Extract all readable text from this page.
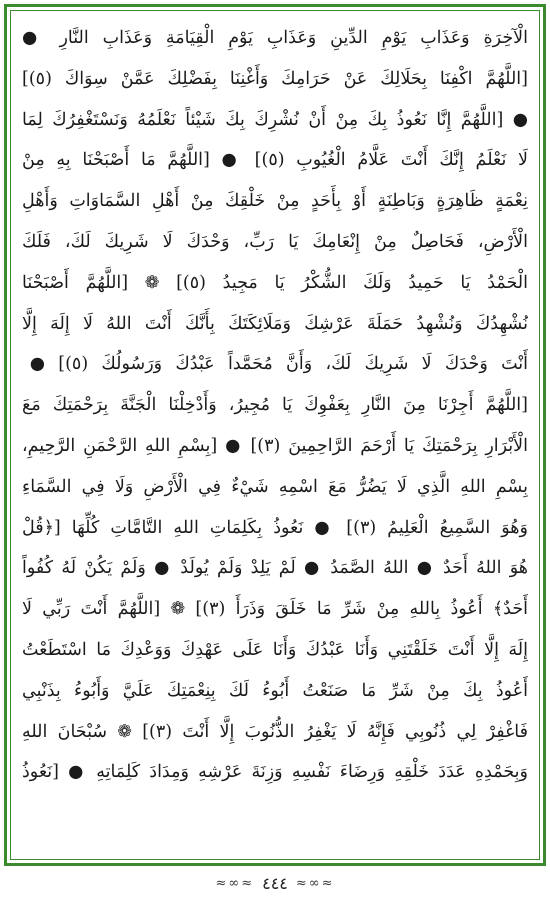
الْآخِرَةِ وَعَذَابِ يَوْمِ الدِّينِ وَعَذَابِ يَوْمِ الْقِيَامَةِ وَعَذَابِ النَّارِ ●
[اللَّهُمَّ اكْفِنَا بِحَلَالِكَ عَنْ حَرَامِكَ وَأَغْنِنَا بِفَضْلِكَ عَمَّنْ سِوَاكَ (٥)]
● [اللَّهُمَّ إِنَّا نَعُوذُ بِكَ مِنْ أَنْ نُشْرِكَ بِكَ شَيْئاً نَعْلَمُهُ وَنَسْتَغْفِرُكَ لِمَا
لَا نَعْلَمُ إِنَّكَ أَنْتَ عَلَّامُ الْغُيُوبِ (٥)] ● [اللَّهُمَّ مَا أَصْبَحْنَا بِهِ مِنْ
نِعْمَةٍ ظَاهِرَةٍ وَبَاطِنَةٍ أَوْ بِأَحَدٍ مِنْ خَلْقِكَ مِنْ أَهْلِ السَّمَاوَاتِ وَأَهْلِ
الْأَرْضِ، فَحَاصِلٌ مِنْ إِنْعَامِكَ يَا رَبِّ، وَحْدَكَ لَا شَرِيكَ لَكَ، فَلَكَ
الْحَمْدُ يَا حَمِيدُ وَلَكَ الشُّكْرُ يَا مَجِيدُ (٥)] ❁ [اللَّهُمَّ أَصْبَحْنَا
نُشْهِدُكَ وَنُشْهِدُ حَمَلَةَ عَرْشِكَ وَمَلَائِكَتَكَ بِأَنَّكَ أَنْتَ اللهُ لَا إِلَهَ إِلَّا
أَنْتَ وَحْدَكَ لَا شَرِيكَ لَكَ، وَأَنَّ مُحَمَّداً عَبْدُكَ وَرَسُولُكَ (٥)] ●
[اللَّهُمَّ أَجِرْنَا مِنَ النَّارِ بِعَفْوِكَ يَا مُجِيرُ، وَأَدْخِلْنَا الْجَنَّةَ بِرَحْمَتِكَ مَعَ
الْأَبْرَارِ بِرَحْمَتِكَ يَا أَرْحَمَ الرَّاحِمِينَ (٣)] ● [بِسْمِ اللهِ الرَّحْمَنِ الرَّحِيمِ،
بِسْمِ اللهِ الَّذِي لَا يَضُرُّ مَعَ اسْمِهِ شَيْءٌ فِي الْأَرْضِ وَلَا فِي السَّمَاءِ
وَهُوَ السَّمِيعُ الْعَلِيمُ (٣)] ● نَعُوذُ بِكَلِمَاتِ اللهِ التَّامَّاتِ كُلِّهَا [﴿قُلْ
هُوَ اللهُ أَحَدٌ ● اللهُ الصَّمَدُ ● لَمْ يَلِدْ وَلَمْ يُولَدْ ● وَلَمْ يَكُنْ لَهُ كُفُواً
أَحَدٌ﴾ أَعُوذُ بِاللهِ مِنْ شَرِّ مَا خَلَقَ وَذَرَأَ (٣)] ❁ [اللَّهُمَّ أَنْتَ رَبِّي لَا
إِلَهَ إِلَّا أَنْتَ خَلَقْتَنِي وَأَنَا عَبْدُكَ وَأَنَا عَلَى عَهْدِكَ وَوَعْدِكَ مَا اسْتَطَعْتُ
أَعُوذُ بِكَ مِنْ شَرِّ مَا صَنَعْتُ أَبُوءُ لَكَ بِنِعْمَتِكَ عَلَيَّ وَأَبُوءُ بِذَنْبِي
فَاغْفِرْ لِي ذُنُوبِي فَإِنَّهُ لَا يَغْفِرُ الذُّنُوبَ إِلَّا أَنْتَ (٣)] ❁ سُبْحَانَ اللهِ
وَبِحَمْدِهِ عَدَدَ خَلْقِهِ وَرِضَاءَ نَفْسِهِ وَزِنَةَ عَرْشِهِ وَمِدَادَ كَلِمَاتِهِ ● [نَعُوذُ
≈∞≈ ٤٤٤ ≈∞≈
